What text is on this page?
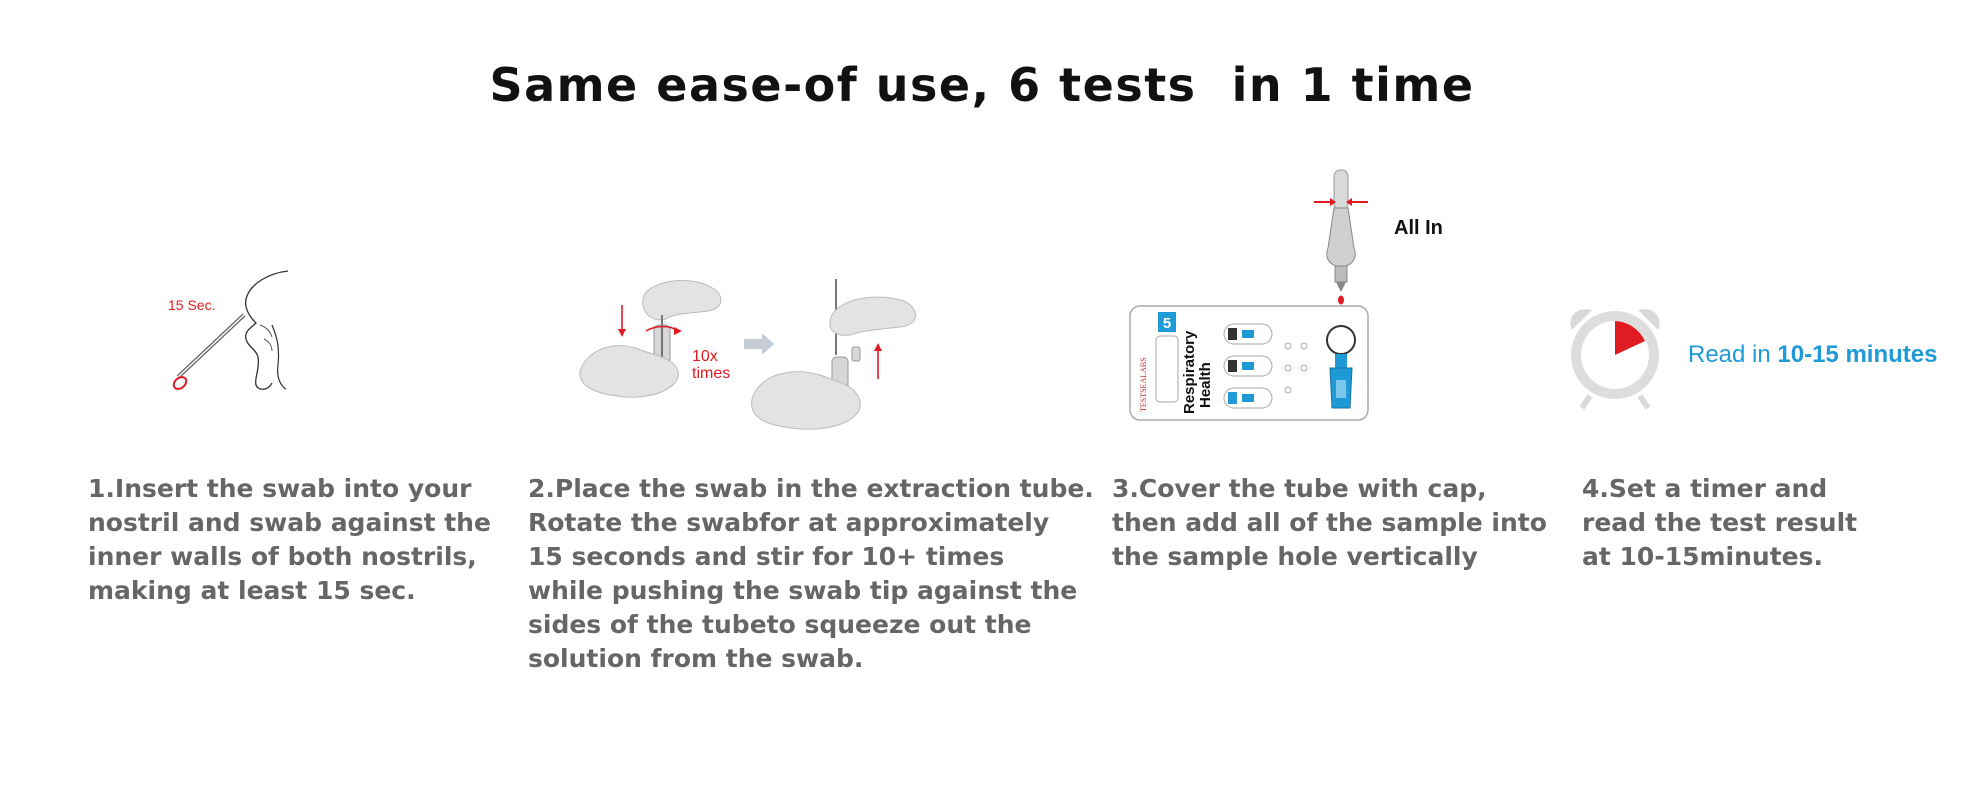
Same ease-of use, 6 tests  in 1 time
15 Sec.
10x
times
All In
5
TESTSEALABS Respiratory Health
Read in 10-15 minutes
1.Insert the swab into your
nostril and swab against the
inner walls of both nostrils,
making at least 15 sec.
2.Place the swab in the extraction tube.
Rotate the swabfor at approximately
15 seconds and stir for 10+ times
while pushing the swab tip against the
sides of the tubeto squeeze out the
solution from the swab.
3.Cover the tube with cap,
then add all of the sample into
the sample hole vertically
4.Set a timer and
read the test result
at 10-15minutes.
